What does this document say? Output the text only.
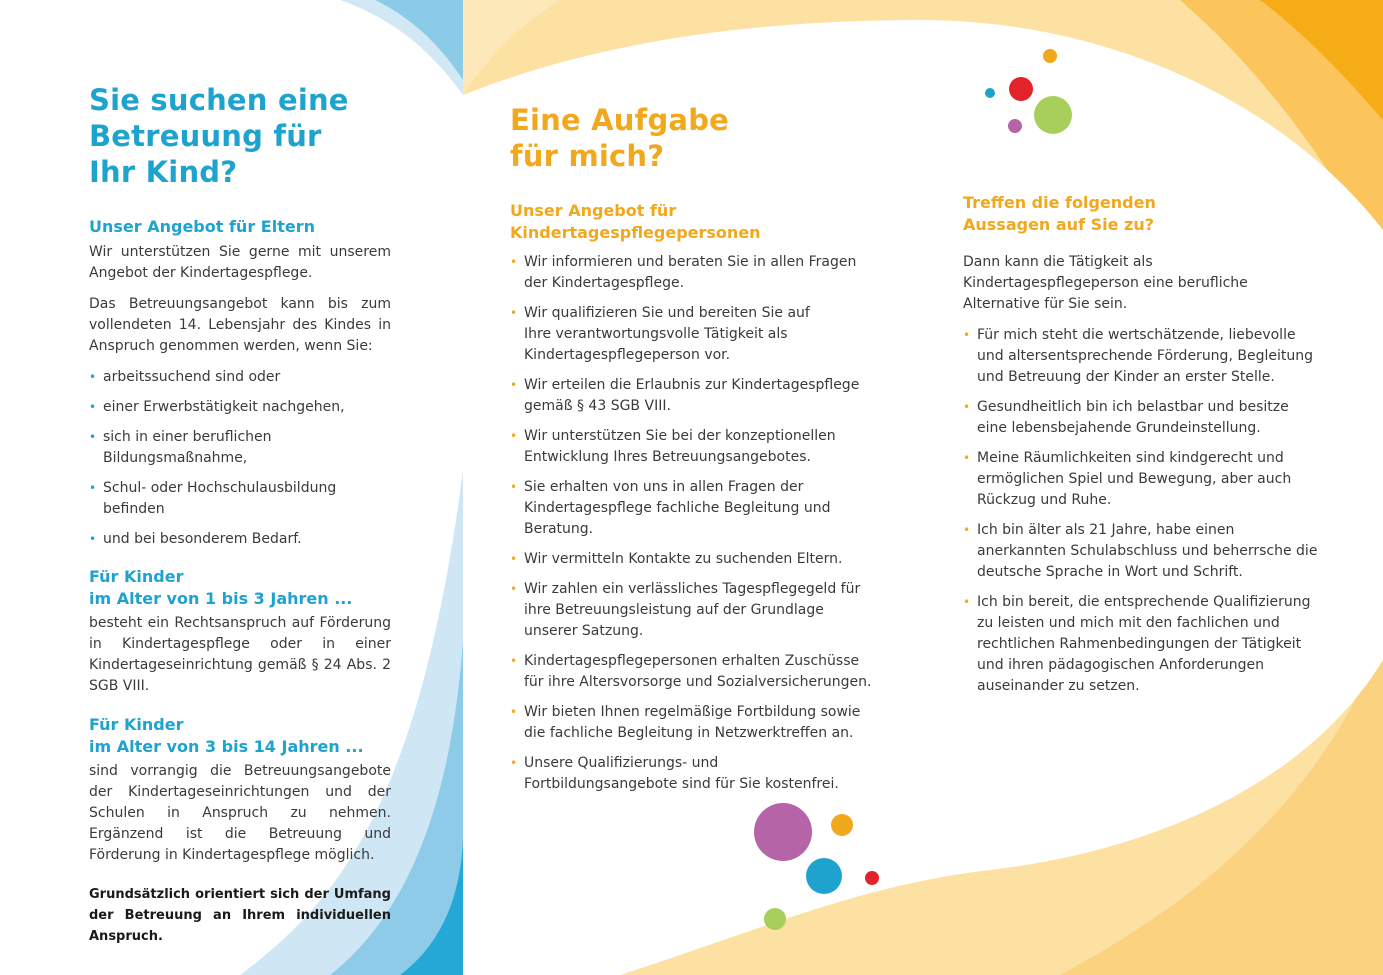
Sie suchen eine
Betreuung für
Ihr Kind?
Unser Angebot für Eltern

Wir unterstützen Sie gerne mit unserem Angebot der Kindertagespflege.

Das Betreuungsangebot kann bis zum vollendeten 14. Lebensjahr des Kindes in Anspruch genommen werden, wenn Sie:

• arbeitssuchend sind oder
• einer Erwerbstätigkeit nachgehen,
• sich in einer beruflichen Bildungsmaßnahme,
• Schul- oder Hochschulausbildung befinden
• und bei besonderem Bedarf.
Für Kinder
im Alter von 1 bis 3 Jahren ...

besteht ein Rechtsanspruch auf Förderung in Kindertagespflege oder in einer Kindertageseinrichtung gemäß § 24 Abs. 2 SGB VIII.

Für Kinder
im Alter von 3 bis 14 Jahren ...

sind vorrangig die Betreuungsangebote der Kindertageseinrichtungen und der Schulen in Anspruch zu nehmen. Ergänzend ist die Betreuung und Förderung in Kindertagespflege möglich.

Grundsätzlich orientiert sich der Umfang der Betreuung an Ihrem individuellen Anspruch.

Eine Aufgabe
für mich?
Unser Angebot für
Kindertagespflegepersonen
• Wir informieren und beraten Sie in allen Fragen der Kindertagespflege.
• Wir qualifizieren Sie und bereiten Sie auf Ihre verantwortungsvolle Tätigkeit als Kindertagespflegeperson vor.
• Wir erteilen die Erlaubnis zur Kindertagespflege gemäß § 43 SGB VIII.
• Wir unterstützen Sie bei der konzeptionellen Entwicklung Ihres Betreuungsangebotes.
• Sie erhalten von uns in allen Fragen der Kindertagespflege fachliche Begleitung und Beratung.
• Wir vermitteln Kontakte zu suchenden Eltern.
• Wir zahlen ein verlässliches Tagespflegegeld für ihre Betreuungsleistung auf der Grundlage unserer Satzung.
• Kindertagespflegepersonen erhalten Zuschüsse für ihre Altersvorsorge und Sozialversicherungen.
• Wir bieten Ihnen regelmäßige Fortbildung sowie die fachliche Begleitung in Netzwerktreffen an.
• Unsere Qualifizierungs- und Fortbildungsangebote sind für Sie kostenfrei.
Treffen die folgenden
Aussagen auf Sie zu?

Dann kann die Tätigkeit als Kindertagespflegeperson eine berufliche Alternative für Sie sein.

• Für mich steht die wertschätzende, liebevolle und altersentsprechende Förderung, Begleitung und Betreuung der Kinder an erster Stelle.
• Gesundheitlich bin ich belastbar und besitze eine lebensbejahende Grundeinstellung.
• Meine Räumlichkeiten sind kindgerecht und ermöglichen Spiel und Bewegung, aber auch Rückzug und Ruhe.
• Ich bin älter als 21 Jahre, habe einen anerkannten Schulabschluss und beherrsche die deutsche Sprache in Wort und Schrift.
• Ich bin bereit, die entsprechende Qualifizierung zu leisten und mich mit den fachlichen und rechtlichen Rahmenbedingungen der Tätigkeit und ihren pädagogischen Anforderungen auseinander zu setzen.
